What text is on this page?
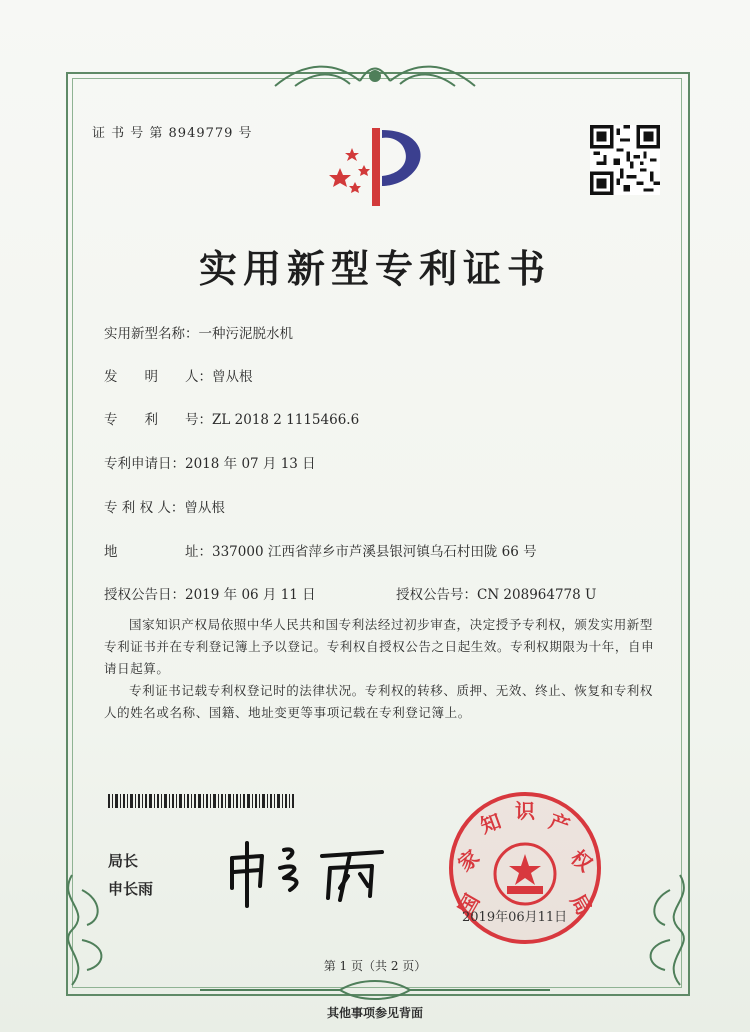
证 书 号 第 8949779 号
实用新型专利证书
实用新型名称：一种污泥脱水机
发　　明　　人：曾从根
专　　利　　号：ZL 2018 2 1115466.6
专利申请日：2018 年 07 月 13 日
专 利 权 人：曾从根
地　　　　　址：337000 江西省萍乡市芦溪县银河镇乌石村田陇 66 号
授权公告日：2019 年 06 月 11 日	授权公告号：CN 208964778 U
国家知识产权局依照中华人民共和国专利法经过初步审查，决定授予专利权，颁发实用新型专利证书并在专利登记簿上予以登记。专利权自授权公告之日起生效。专利权期限为十年，自申请日起算。
专利证书记载专利权登记时的法律状况。专利权的转移、质押、无效、终止、恢复和专利权人的姓名或名称、国籍、地址变更等事项记载在专利登记簿上。
局长
申长雨
国
家
知 识 产
权
局
2019年06月11日
第 1 页（共 2 页）
其他事项参见背面
